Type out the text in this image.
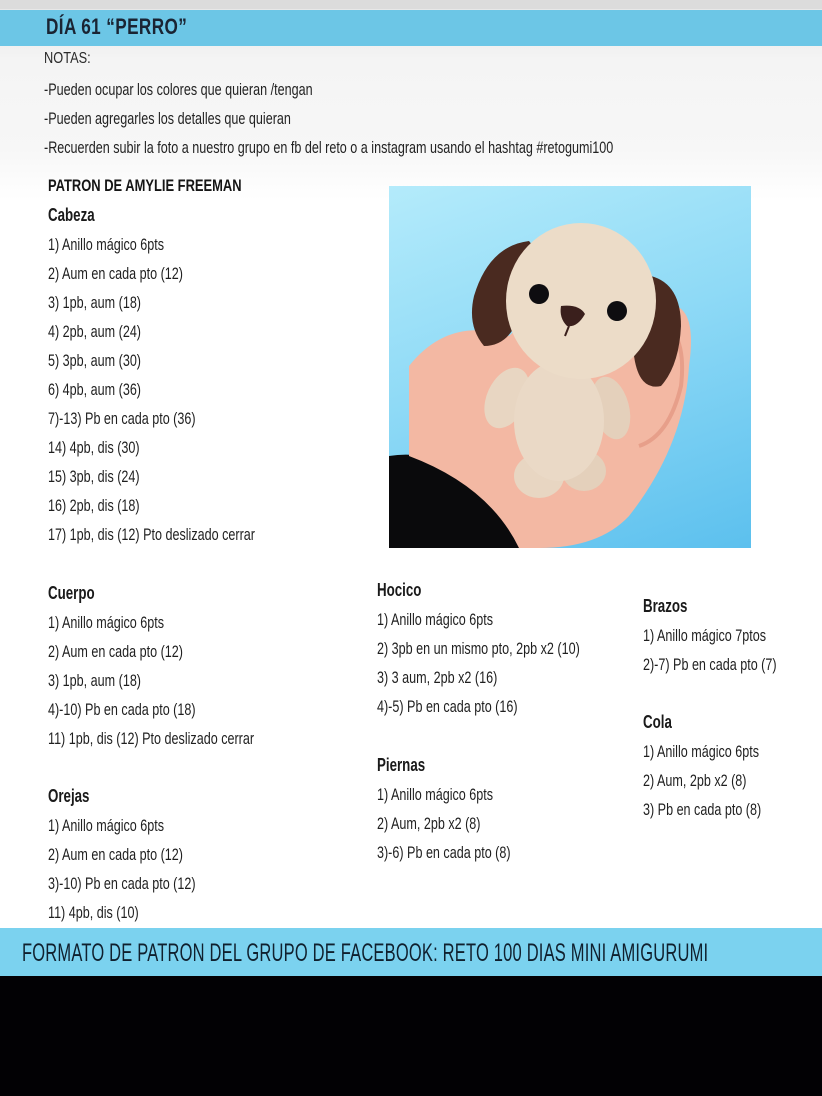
DÍA 61 “PERRO”
NOTAS:
-Pueden ocupar los colores que quieran /tengan
-Pueden agregarles los detalles que quieran
-Recuerden subir la foto a nuestro grupo en fb del reto o a instagram usando el hashtag #retogumi100
PATRON DE AMYLIE FREEMAN
Cabeza
1) Anillo mágico 6pts
2) Aum en cada pto (12)
3) 1pb, aum (18)
4) 2pb, aum (24)
5) 3pb, aum (30)
6) 4pb, aum (36)
7)-13) Pb en cada pto (36)
14) 4pb, dis (30)
15) 3pb, dis (24)
16) 2pb, dis (18)
17) 1pb, dis (12) Pto deslizado cerrar
Cuerpo
1) Anillo mágico 6pts
2) Aum en cada pto (12)
3) 1pb, aum (18)
4)-10) Pb en cada pto (18)
11) 1pb, dis (12) Pto deslizado cerrar
Orejas
1) Anillo mágico 6pts
2) Aum en cada pto (12)
3)-10) Pb en cada pto (12)
11) 4pb, dis (10)
Hocico
1) Anillo mágico 6pts
2) 3pb en un mismo pto, 2pb x2 (10)
3) 3 aum, 2pb x2 (16)
4)-5) Pb en cada pto (16)
Piernas
1) Anillo mágico 6pts
2) Aum, 2pb x2 (8)
3)-6) Pb en cada pto (8)
Brazos
1) Anillo mágico 7ptos
2)-7) Pb en cada pto (7)
Cola
1) Anillo mágico 6pts
2) Aum, 2pb x2 (8)
3) Pb en cada pto (8)
FORMATO DE PATRON DEL GRUPO DE FACEBOOK: RETO 100 DIAS MINI AMIGURUMI
